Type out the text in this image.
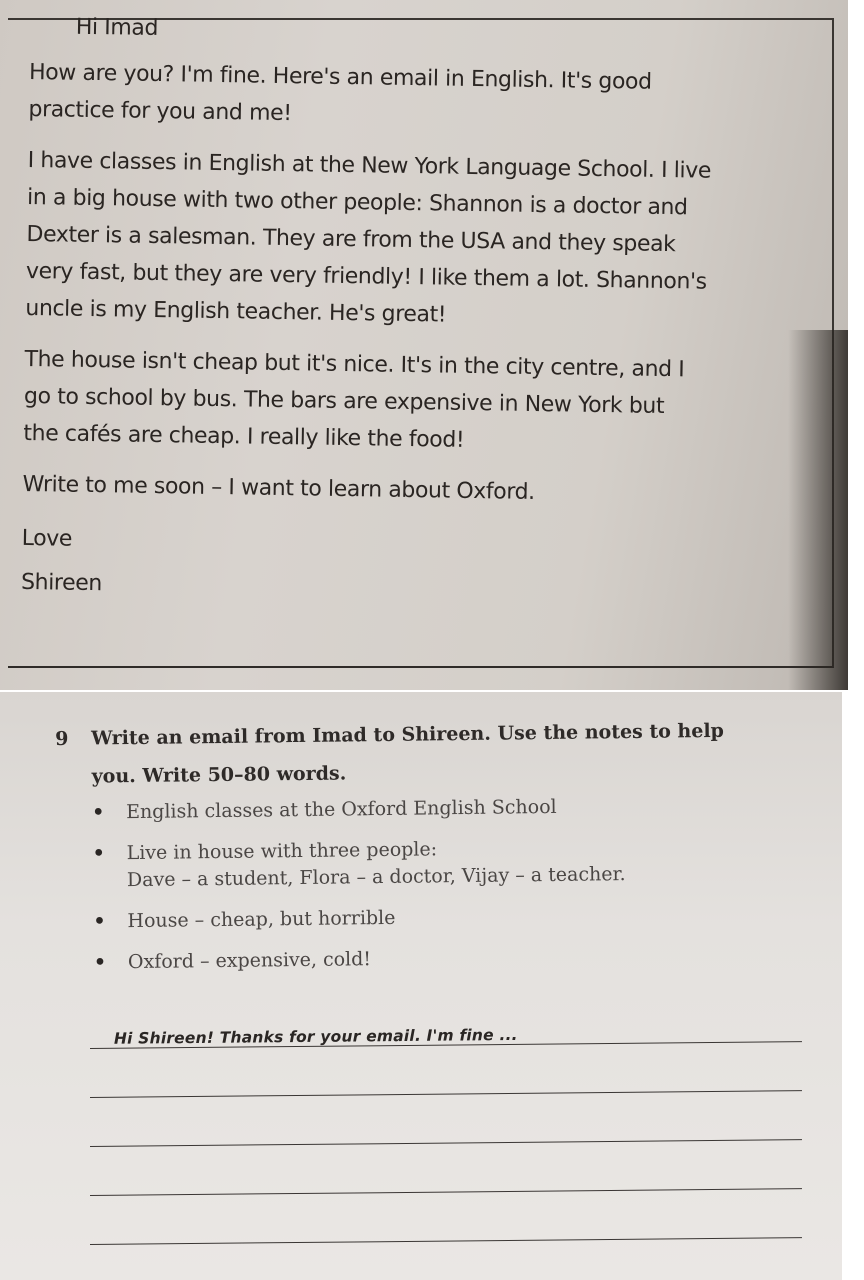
Hi Imad

How are you? I'm fine. Here's an email in English. It's good
practice for you and me!

I have classes in English at the New York Language School. I live
in a big house with two other people: Shannon is a doctor and
Dexter is a salesman. They are from the USA and they speak
very fast, but they are very friendly! I like them a lot. Shannon's
uncle is my English teacher. He's great!

The house isn't cheap but it's nice. It's in the city centre, and I
go to school by bus. The bars are expensive in New York but
the cafés are cheap. I really like the food!

Write to me soon – I want to learn about Oxford.

Love
Shireen
9	Write an email from Imad to Shireen. Use the notes to help you. Write 50–80 words.
• English classes at the Oxford English School
• Live in house with three people:
Dave – a student, Flora – a doctor, Vijay – a teacher.
• House – cheap, but horrible
• Oxford – expensive, cold!
Hi Shireen! Thanks for your email. I'm fine ...
